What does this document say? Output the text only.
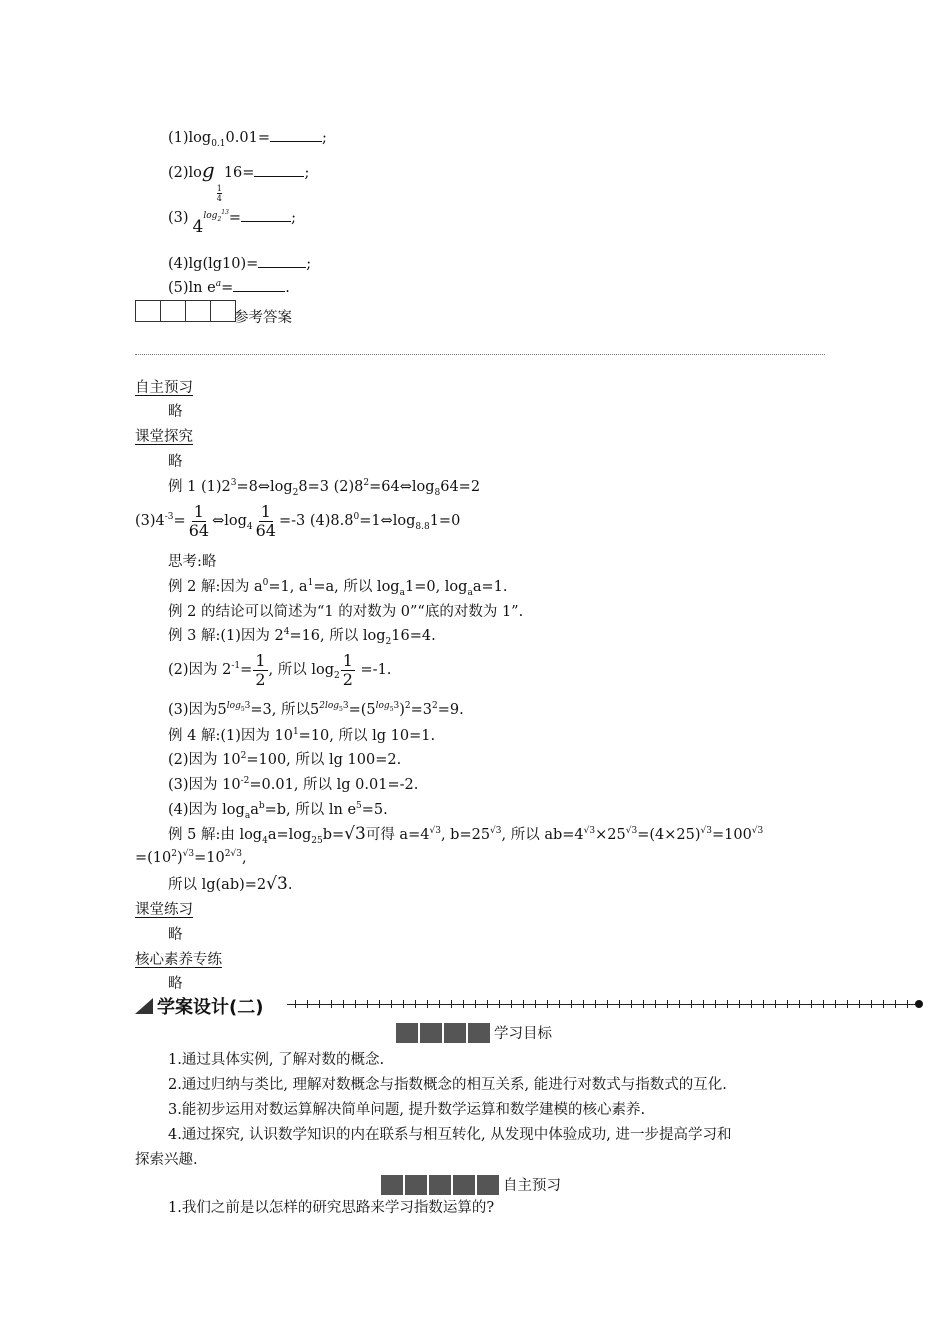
$(1)\log_{0.1}0.01=$	;
(2)log
$\frac{1}{4}$
16=	;
(3) $4^{log_2^{13}}=$	;
(4)lg(lg10)=	;
(5)ln $e^a=$	.
参考答案
自主预习
略
课堂探究
略
例 1 $(1)2^3=8\Leftrightarrow\log_28=3$ $(2)8^2=64\Leftrightarrow\log_864=2$
$(3)4^{-3}= \frac{1}{64}$ $\Leftrightarrow\log_4 \frac{1}{64} =-3$ $(4)8.8^0=1\Leftrightarrow\log_{8.8}1=0$
思考:略
例 2 解:因为 $a^0=1$, $a^1=a$, 所以 $\log_a1=0$, $\log_aa=1$.
例 2 的结论可以简述为“1 的对数为 0”“底的对数为 1”.
例 3 解:(1)因为 $2^4=16$, 所以 $\log_216=4$.
(2)因为 $2^{-1}= \frac{1}{2}$ , 所以 $\log_2 \frac{1}{2} =-1$.
(3)因为$5^{log_53}=3$, 所以$5^{2log_53}=(5^{log_53})^2=3^2=9$.
例 4 解:(1)因为 $10^1=10$, 所以 lg 10=1.
(2)因为 $10^2=100$, 所以 lg 100=2.
(3)因为 $10^{-2}=0.01$, 所以 lg 0.01=-2.
(4)因为 $\log_aa^b=b$, 所以 $\ln e^5=5$.
例 5 解:由 $\log_4a=\log_{25}b=√3$可得 $a=4^{√3}$, $b=25^{√3}$, 所以 $ab=4^{√3}\times 25^{√3}=(4\times 25)^{√3}=100^{√3}$
$=(10^2)^{√3}=10^{2√3}$,
所以 lg(ab)=2√3.
课堂练习
略
核心素养专练
略
学案设计(二)
学习目标
1.通过具体实例, 了解对数的概念.
2.通过归纳与类比, 理解对数概念与指数概念的相互关系, 能进行对数式与指数式的互化.
3.能初步运用对数运算解决简单问题, 提升数学运算和数学建模的核心素养.
4.通过探究, 认识数学知识的内在联系与相互转化, 从发现中体验成功, 进一步提高学习和
探索兴趣.
自主预习
1.我们之前是以怎样的研究思路来学习指数运算的?
